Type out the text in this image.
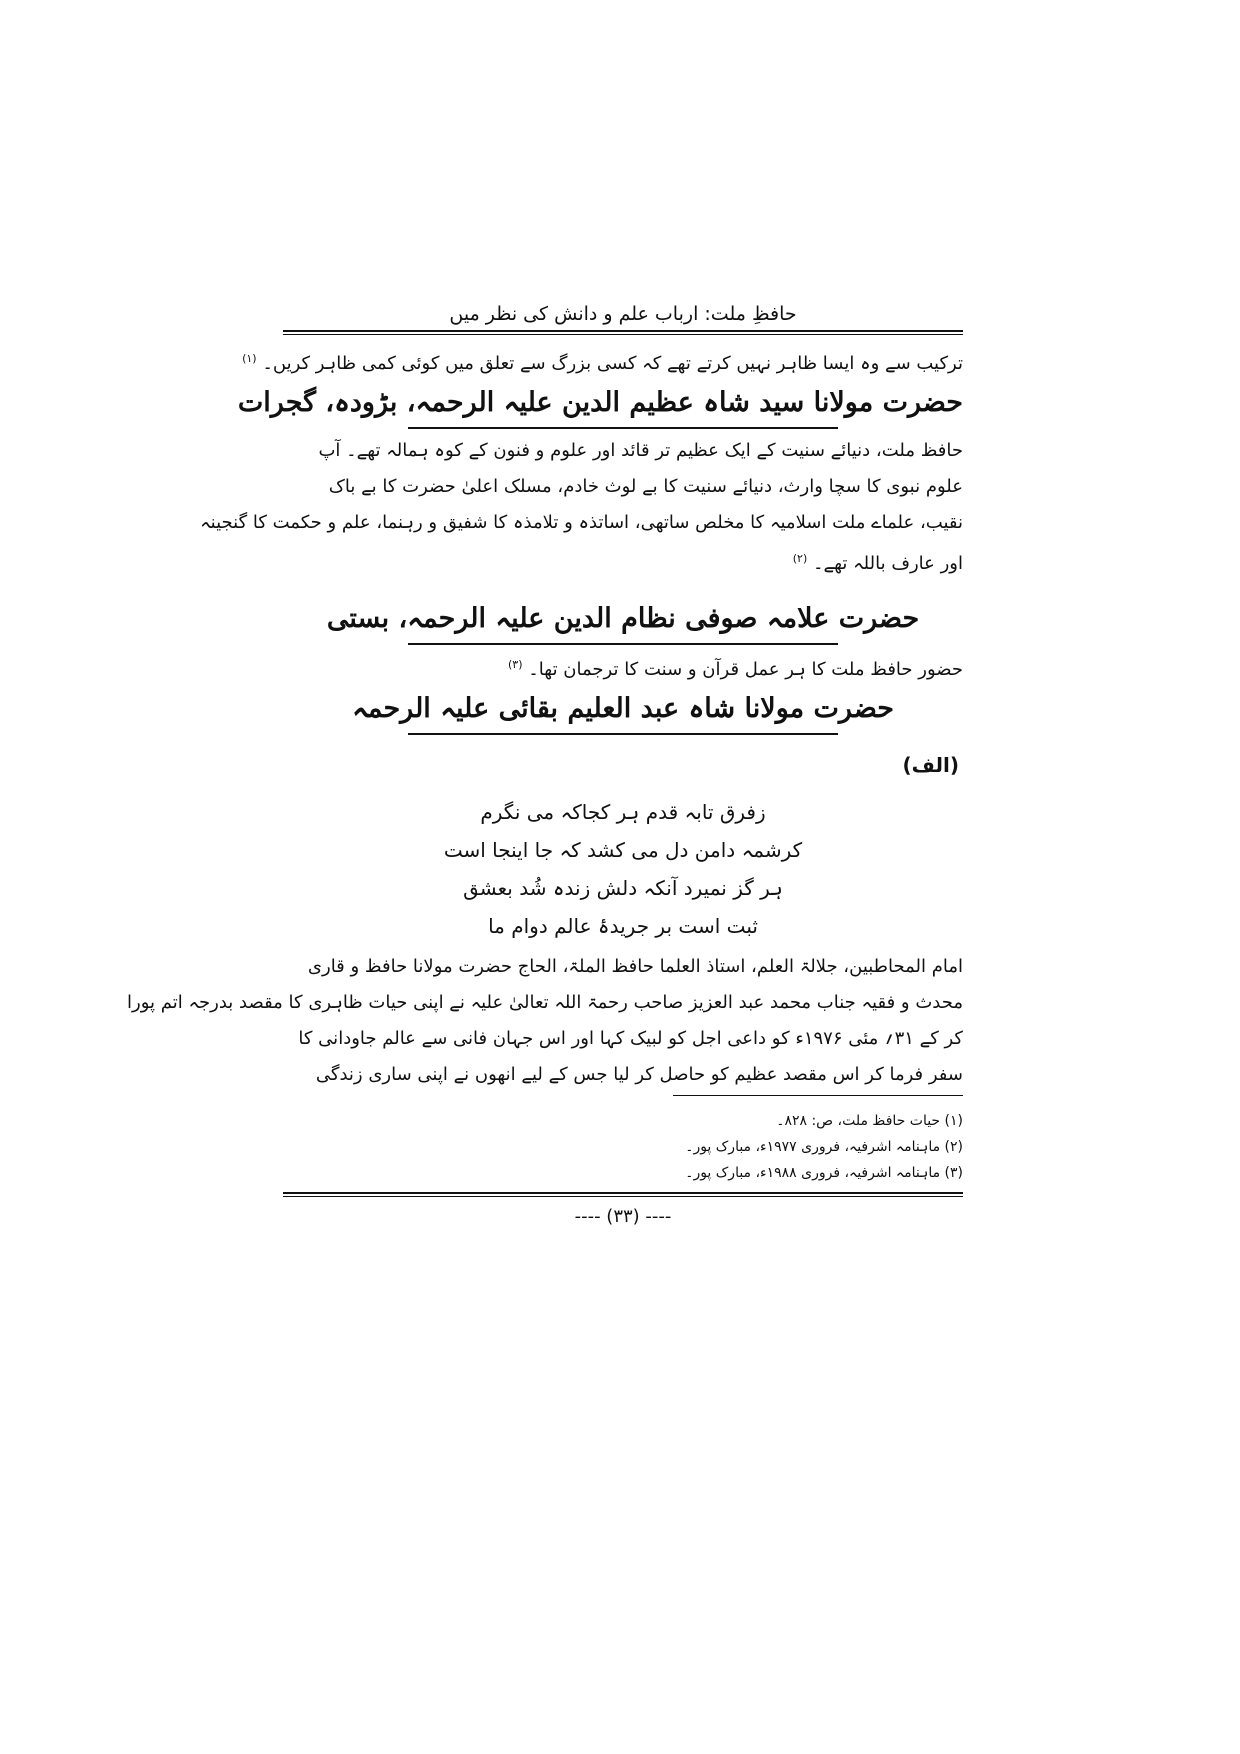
حافظِ ملت: ارباب علم و دانش کی نظر میں
ترکیب سے وہ ایسا ظاہر نہیں کرتے تھے کہ کسی بزرگ سے تعلق میں کوئی کمی ظاہر کریں۔ $^{(۱)}$
حضرت مولانا سید شاہ عظیم الدین علیہ الرحمہ، بڑودہ، گجرات
حافظ ملت، دنیائے سنیت کے ایک عظیم تر قائد اور علوم و فنون کے کوہ ہمالہ تھے۔ آپ
علوم نبوی کا سچا وارث، دنیائے سنیت کا بے لوث خادم، مسلک اعلیٰ حضرت کا بے باک
نقیب، علماے ملت اسلامیہ کا مخلص ساتھی، اساتذہ و تلامذہ کا شفیق و رہنما، علم و حکمت کا گنجینہ
اور عارف باللہ تھے۔ $^{(۲)}$
حضرت علامہ صوفی نظام الدین علیہ الرحمہ، بستی
حضور حافظ ملت کا ہر عمل قرآن و سنت کا ترجمان تھا۔ $^{(۳)}$
حضرت مولانا شاہ عبد العلیم بقائی علیہ الرحمہ
(الف)
زفرق تابہ قدم ہر کجاکہ می نگرم
کرشمہ دامن دل می کشد کہ جا اینجا است
ہر گز نمیرد آنکہ دلش زندہ شُد بعشق
ثبت است بر جریدۂ عالم دوام ما
امام المحاطبین، جلالۃ العلم، استاذ العلما حافظ الملۃ، الحاج حضرت مولانا حافظ و قاری
محدث و فقیہ جناب محمد عبد العزیز صاحب رحمۃ اللہ تعالیٰ علیہ نے اپنی حیات ظاہری کا مقصد بدرجہ اتم پورا
کر کے ۳۱؍ مئی ۱۹۷۶ء کو داعی اجل کو لبیک کہا اور اس جہان فانی سے عالم جاودانی کا
سفر فرما کر اس مقصد عظیم کو حاصل کر لیا جس کے لیے انھوں نے اپنی ساری زندگی
(۱) حیات حافظ ملت، ص: ۸۲۸۔
(۲) ماہنامہ اشرفیہ، فروری ۱۹۷۷ء، مبارک پور۔
(۳) ماہنامہ اشرفیہ، فروری ۱۹۸۸ء، مبارک پور۔
---- (۳۳) ----
